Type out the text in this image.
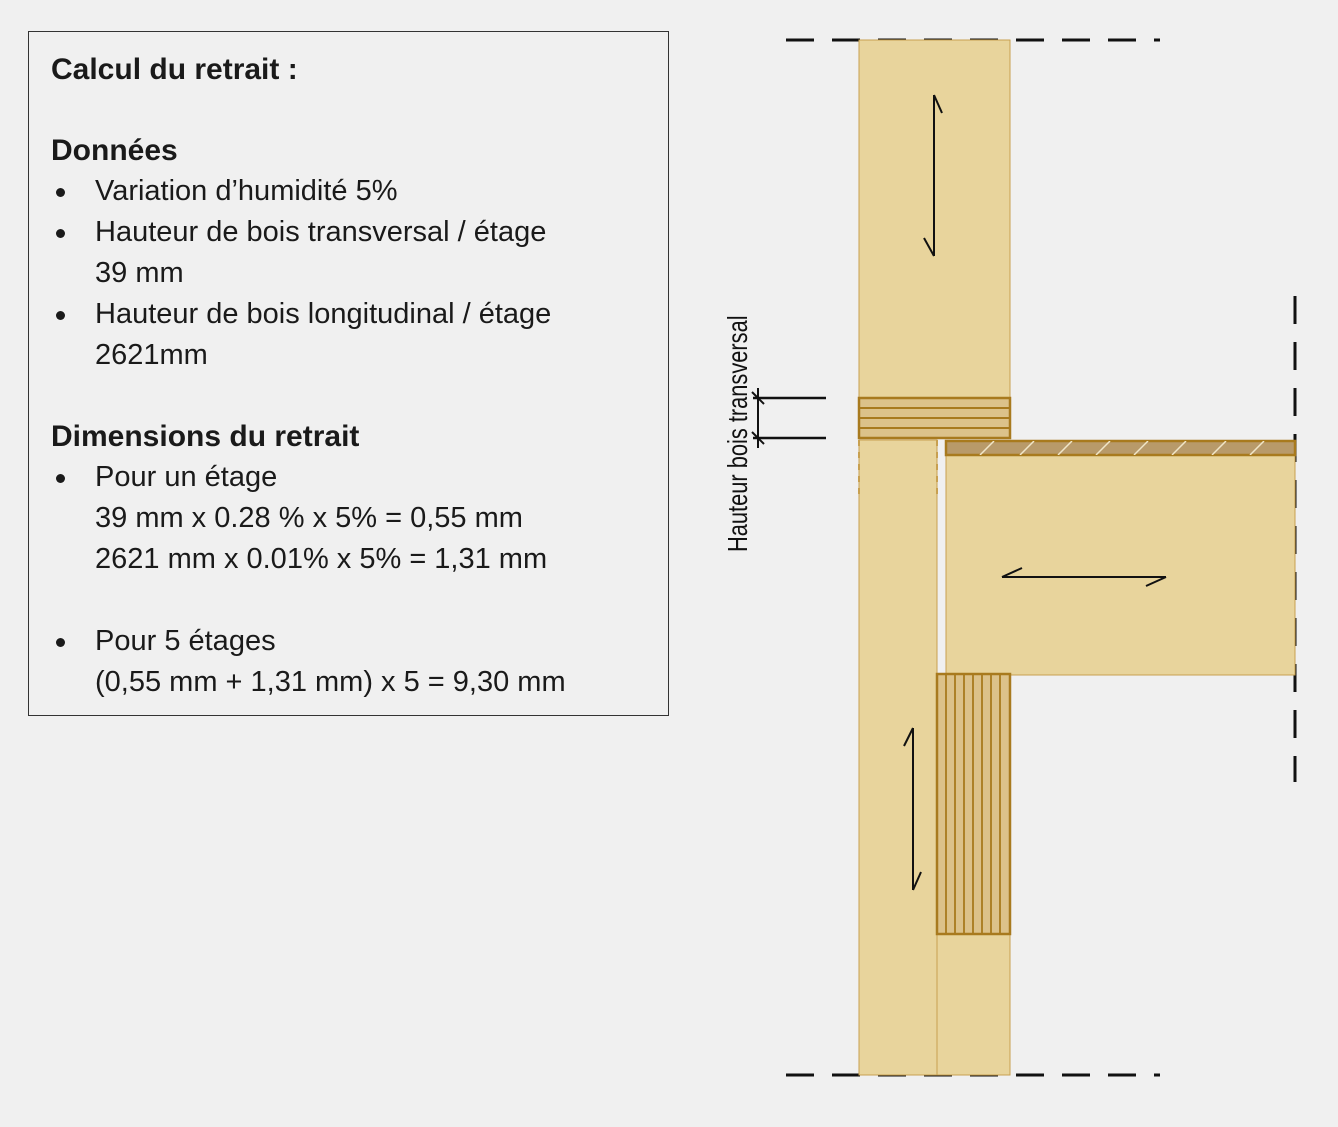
Calcul du retrait :

Données

Variation d’humidité 5%
Hauteur de bois transversal / étage
39 mm
Hauteur de bois longitudinal / étage
2621mm

Dimensions du retrait

Pour un étage
39 mm x 0.28 % x 5% = 0,55 mm
2621 mm x 0.01% x 5% = 1,31 mm
Pour 5 étages
(0,55 mm + 1,31 mm) x 5 = 9,30 mm
Hauteur bois transversal
